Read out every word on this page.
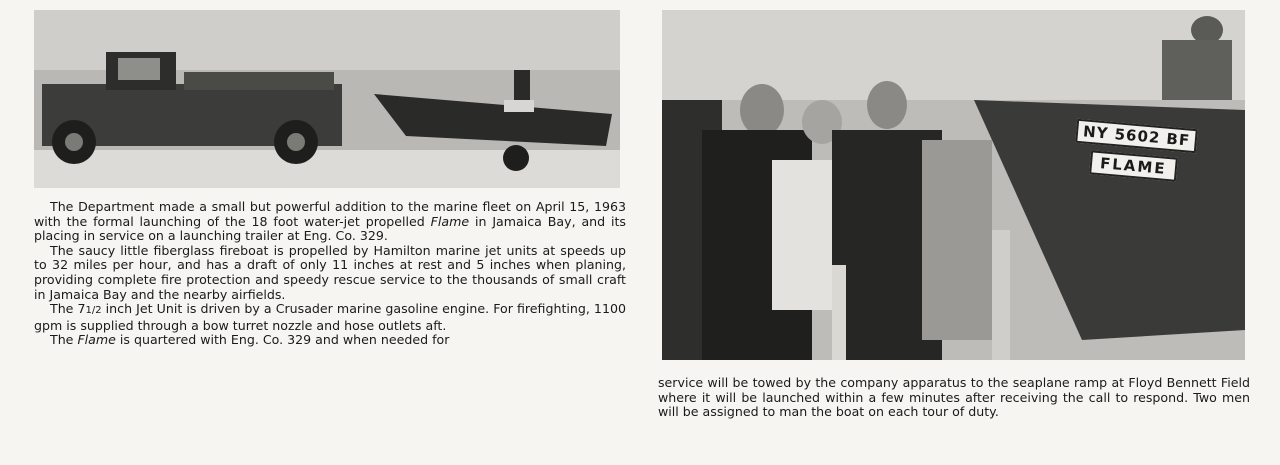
NY 5602 BF
FLAME

The Department made a small but powerful addition to the marine fleet on April 15, 1963 with the formal launching of the 18 foot water-jet propelled Flame in Jamaica Bay, and its placing in service on a launching trailer at Eng. Co. 329.

The saucy little fiberglass fireboat is propelled by Hamilton marine jet units at speeds up to 32 miles per hour, and has a draft of only 11 inches at rest and 5 inches when planing, providing complete fire protection and speedy rescue service to the thousands of small craft in Jamaica Bay and the nearby airfields.

The 71/2 inch Jet Unit is driven by a Crusader marine gasoline engine. For firefighting, 1100 gpm is supplied through a bow turret nozzle and hose outlets aft.

The Flame is quartered with Eng. Co. 329 and when needed for

service will be towed by the company apparatus to the seaplane ramp at Floyd Bennett Field where it will be launched within a few minutes after receiving the call to respond. Two men will be assigned to man the boat on each tour of duty.
